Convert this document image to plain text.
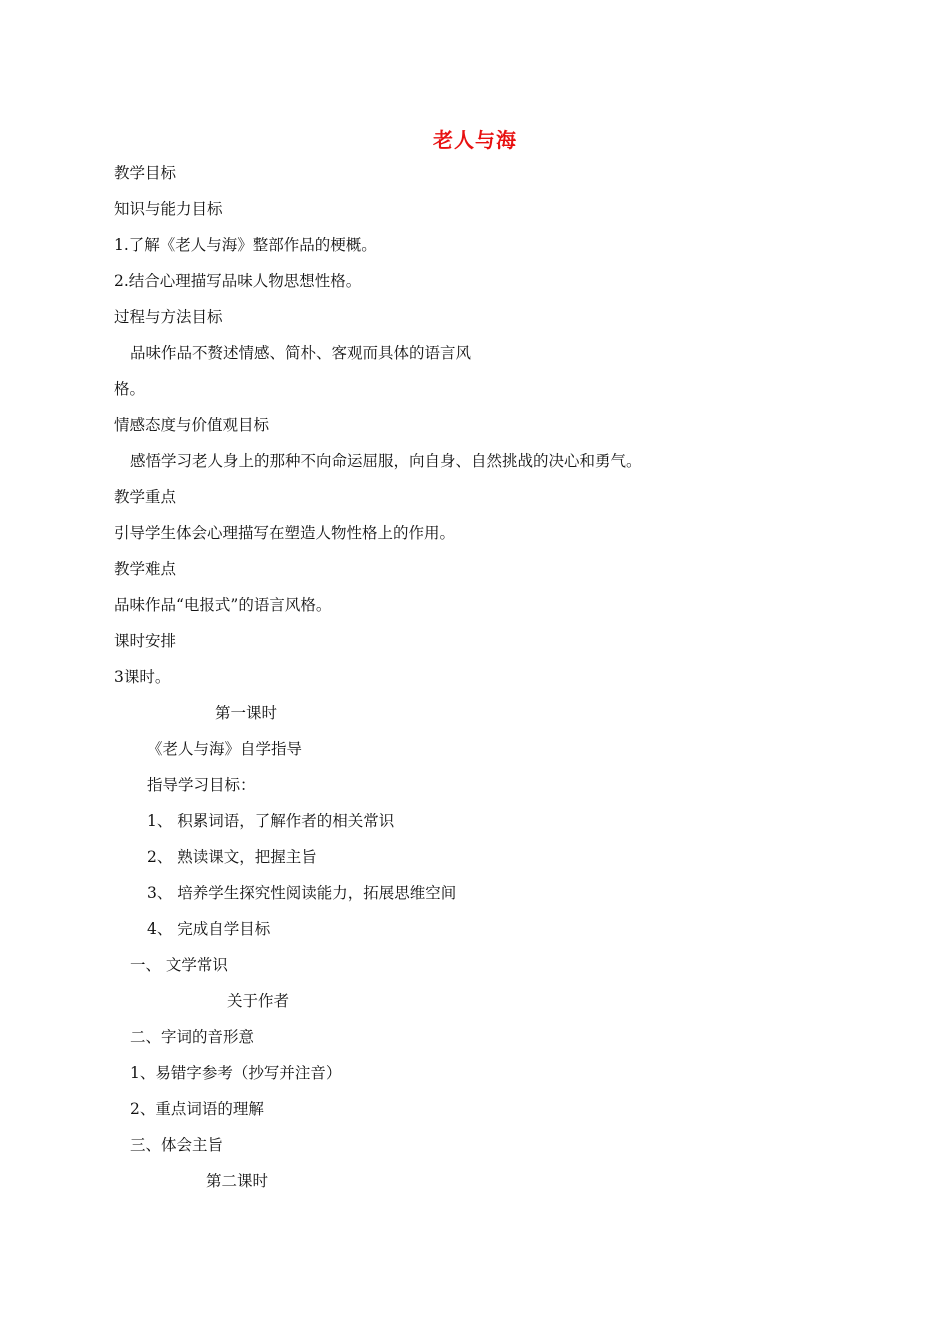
老人与海
教学目标
知识与能力目标
1.了解《老人与海》整部作品的梗概。
2.结合心理描写品味人物思想性格。
过程与方法目标
品味作品不赘述情感、简朴、客观而具体的语言风
格。
情感态度与价值观目标
感悟学习老人身上的那种不向命运屈服，向自身、自然挑战的决心和勇气。
教学重点
引导学生体会心理描写在塑造人物性格上的作用。
教学难点
品味作品“电报式”的语言风格。
课时安排
3课时。
第一课时
《老人与海》自学指导
指导学习目标：
1、 积累词语，了解作者的相关常识
2、 熟读课文，把握主旨
3、 培养学生探究性阅读能力，拓展思维空间
4、 完成自学目标
一、 文学常识
关于作者
二、字词的音形意
1、易错字参考（抄写并注音）
2、重点词语的理解
三、体会主旨
第二课时
